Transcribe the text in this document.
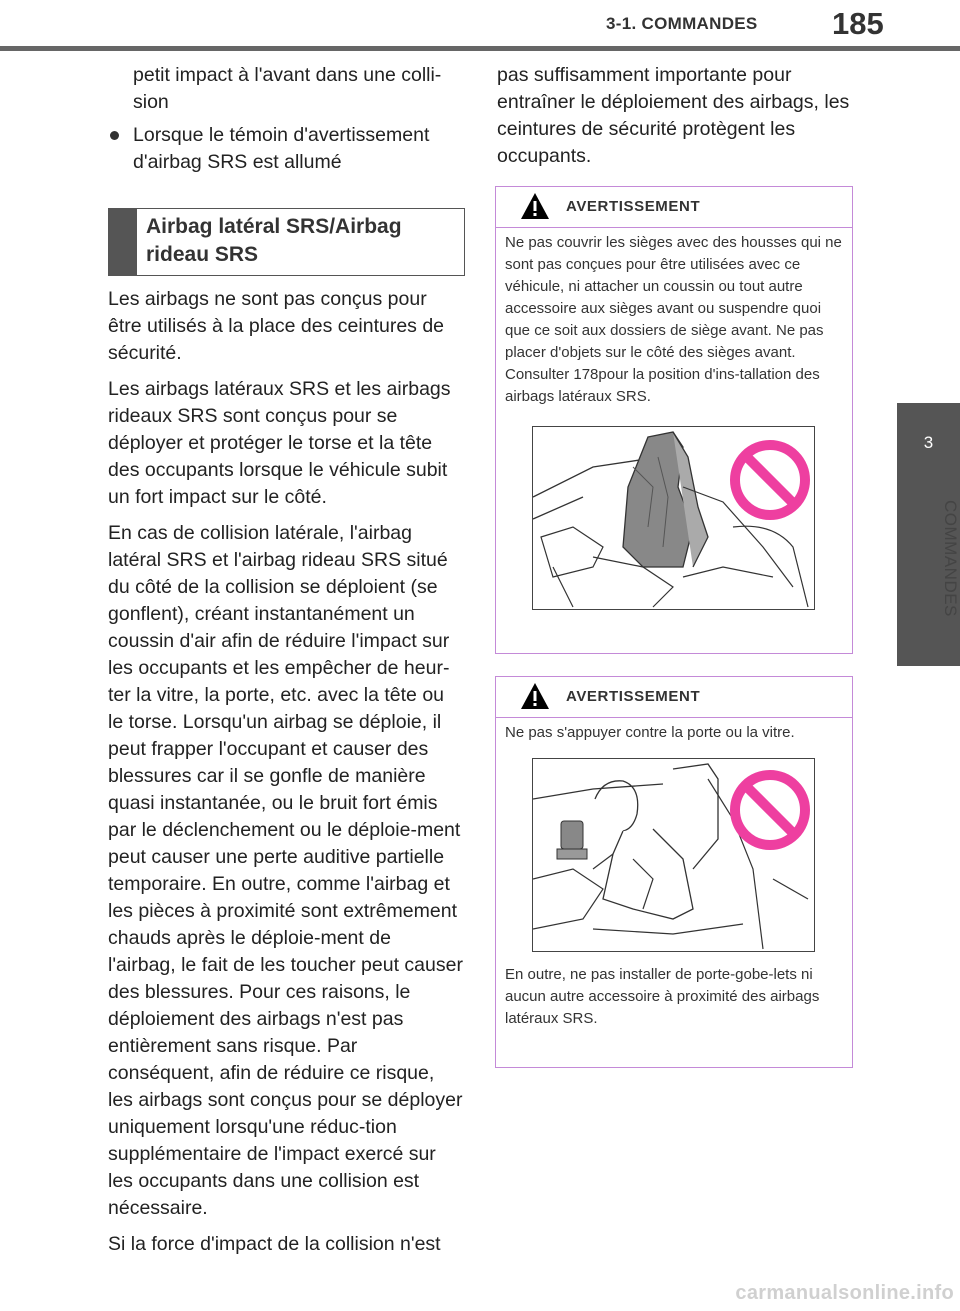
3-1. COMMANDES 185
3
COMMANDES
petit impact à l'avant dans une colli-sion
Lorsque le témoin d'avertissement d'airbag SRS est allumé
Airbag latéral SRS/Airbag rideau SRS

Les airbags ne sont pas conçus pour être utilisés à la place des ceintures de sécurité.

Les airbags latéraux SRS et les airbags rideaux SRS sont conçus pour se déployer et protéger le torse et la tête des occupants lorsque le véhicule subit un fort impact sur le côté.

En cas de collision latérale, l'airbag latéral SRS et l'airbag rideau SRS situé du côté de la collision se déploient (se gonflent), créant instantanément un coussin d'air afin de réduire l'impact sur les occupants et les empêcher de heur-ter la vitre, la porte, etc. avec la tête ou le torse. Lorsqu'un airbag se déploie, il peut frapper l'occupant et causer des blessures car il se gonfle de manière quasi instantanée, ou le bruit fort émis par le déclenchement ou le déploie-ment peut causer une perte auditive partielle temporaire. En outre, comme l'airbag et les pièces à proximité sont extrêmement chauds après le déploie-ment de l'airbag, le fait de les toucher peut causer des blessures. Pour ces raisons, le déploiement des airbags n'est pas entièrement sans risque. Par conséquent, afin de réduire ce risque, les airbags sont conçus pour se déployer uniquement lorsqu'une réduc-tion supplémentaire de l'impact exercé sur les occupants dans une collision est nécessaire.

Si la force d'impact de la collision n'est

pas suffisamment importante pour entraîner le déploiement des airbags, les ceintures de sécurité protègent les occupants.
AVERTISSEMENT
Ne pas couvrir les sièges avec des housses qui ne sont pas conçues pour être utilisées avec ce véhicule, ni attacher un coussin ou tout autre accessoire aux sièges avant ou suspendre quoi que ce soit aux dossiers de siège avant. Ne pas placer d'objets sur le côté des sièges avant. Consulter 178pour la position d'ins-tallation des airbags latéraux SRS.
AVERTISSEMENT
Ne pas s'appuyer contre la porte ou la vitre.
En outre, ne pas installer de porte-gobe-lets ni aucun autre accessoire à proximité des airbags latéraux SRS.
carmanualsonline.info
